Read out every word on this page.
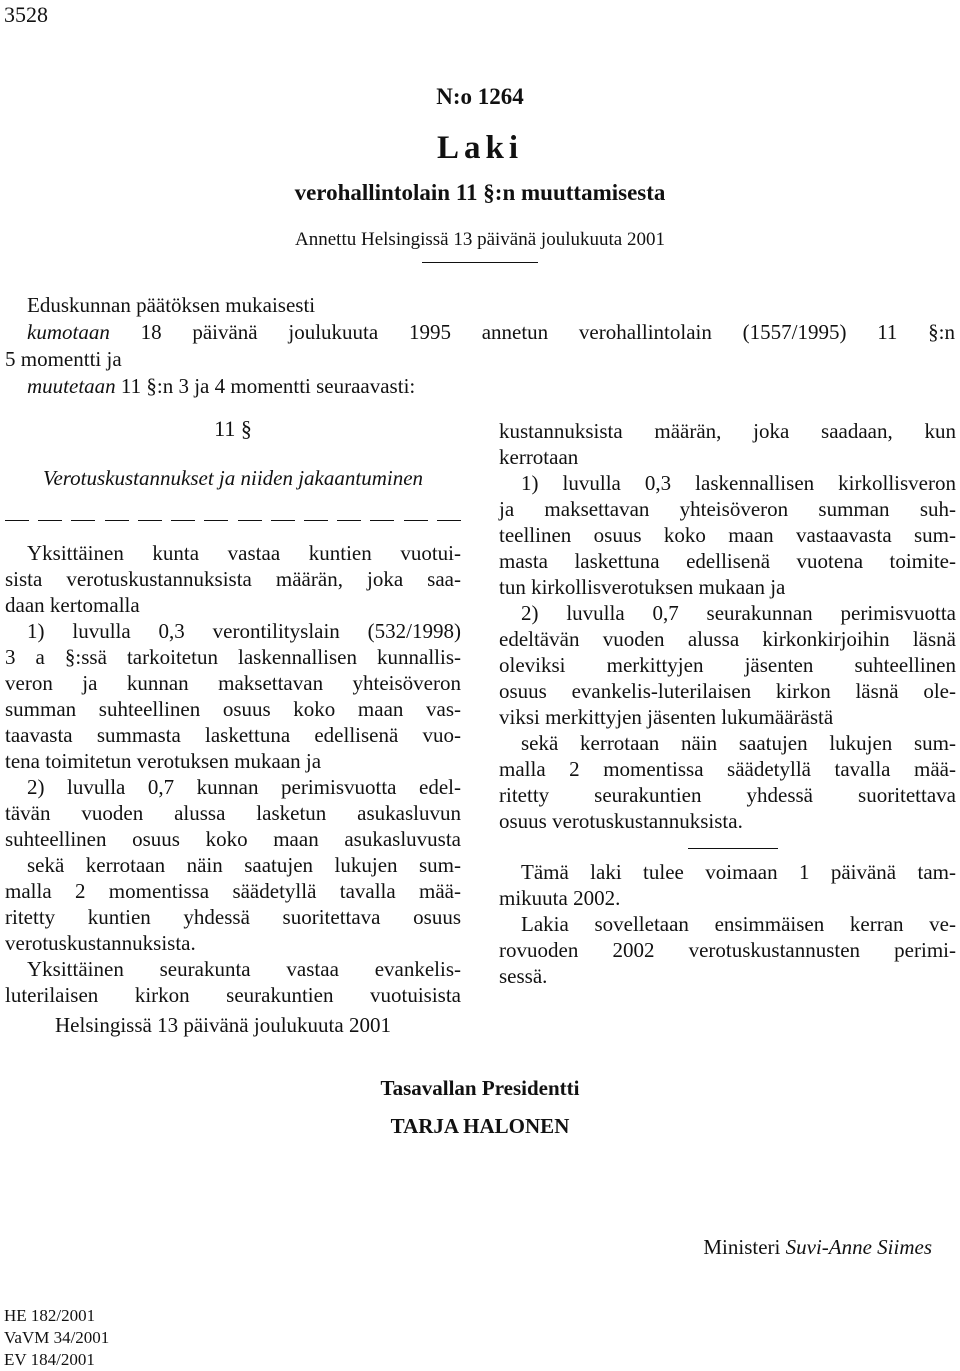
3528
N:o 1264
Laki
verohallintolain 11 §:n muuttamisesta
Annettu Helsingissä 13 päivänä joulukuuta 2001
Eduskunnan päätöksen mukaisesti
kumotaan 18 päivänä joulukuuta 1995 annetun verohallintolain (1557/1995) 11 §:n
5 momentti ja
muutetaan 11 §:n 3 ja 4 momentti seuraavasti:
11 §
Verotuskustannukset ja niiden jakaantuminen
Yksittäinen kunta vastaa kuntien vuotui-
sista verotuskustannuksista määrän, joka saa-
daan kertomalla
1) luvulla 0,3 verontilityslain (532/1998)
3 a §:ssä tarkoitetun laskennallisen kunnallis-
veron ja kunnan maksettavan yhteisöveron
summan suhteellinen osuus koko maan vas-
taavasta summasta laskettuna edellisenä vuo-
tena toimitetun verotuksen mukaan ja
2) luvulla 0,7 kunnan perimisvuotta edel-
tävän vuoden alussa lasketun asukasluvun
suhteellinen osuus koko maan asukasluvusta
sekä kerrotaan näin saatujen lukujen sum-
malla 2 momentissa säädetyllä tavalla mää-
ritetty kuntien yhdessä suoritettava osuus
verotuskustannuksista.
Yksittäinen seurakunta vastaa evankelis-
luterilaisen kirkon seurakuntien vuotuisista
kustannuksista määrän, joka saadaan, kun
kerrotaan
1) luvulla 0,3 laskennallisen kirkollisveron
ja maksettavan yhteisöveron summan suh-
teellinen osuus koko maan vastaavasta sum-
masta laskettuna edellisenä vuotena toimite-
tun kirkollisverotuksen mukaan ja
2) luvulla 0,7 seurakunnan perimisvuotta
edeltävän vuoden alussa kirkonkirjoihin läsnä
oleviksi merkittyjen jäsenten suhteellinen
osuus evankelis-luterilaisen kirkon läsnä ole-
viksi merkittyjen jäsenten lukumäärästä
sekä kerrotaan näin saatujen lukujen sum-
malla 2 momentissa säädetyllä tavalla mää-
ritetty seurakuntien yhdessä suoritettava
osuus verotuskustannuksista.
Tämä laki tulee voimaan 1 päivänä tam-
mikuuta 2002.
Lakia sovelletaan ensimmäisen kerran ve-
rovuoden 2002 verotuskustannusten perimi-
sessä.
Helsingissä 13 päivänä joulukuuta 2001
Tasavallan Presidentti
TARJA HALONEN
Ministeri Suvi-Anne Siimes
HE 182/2001
VaVM 34/2001
EV 184/2001
